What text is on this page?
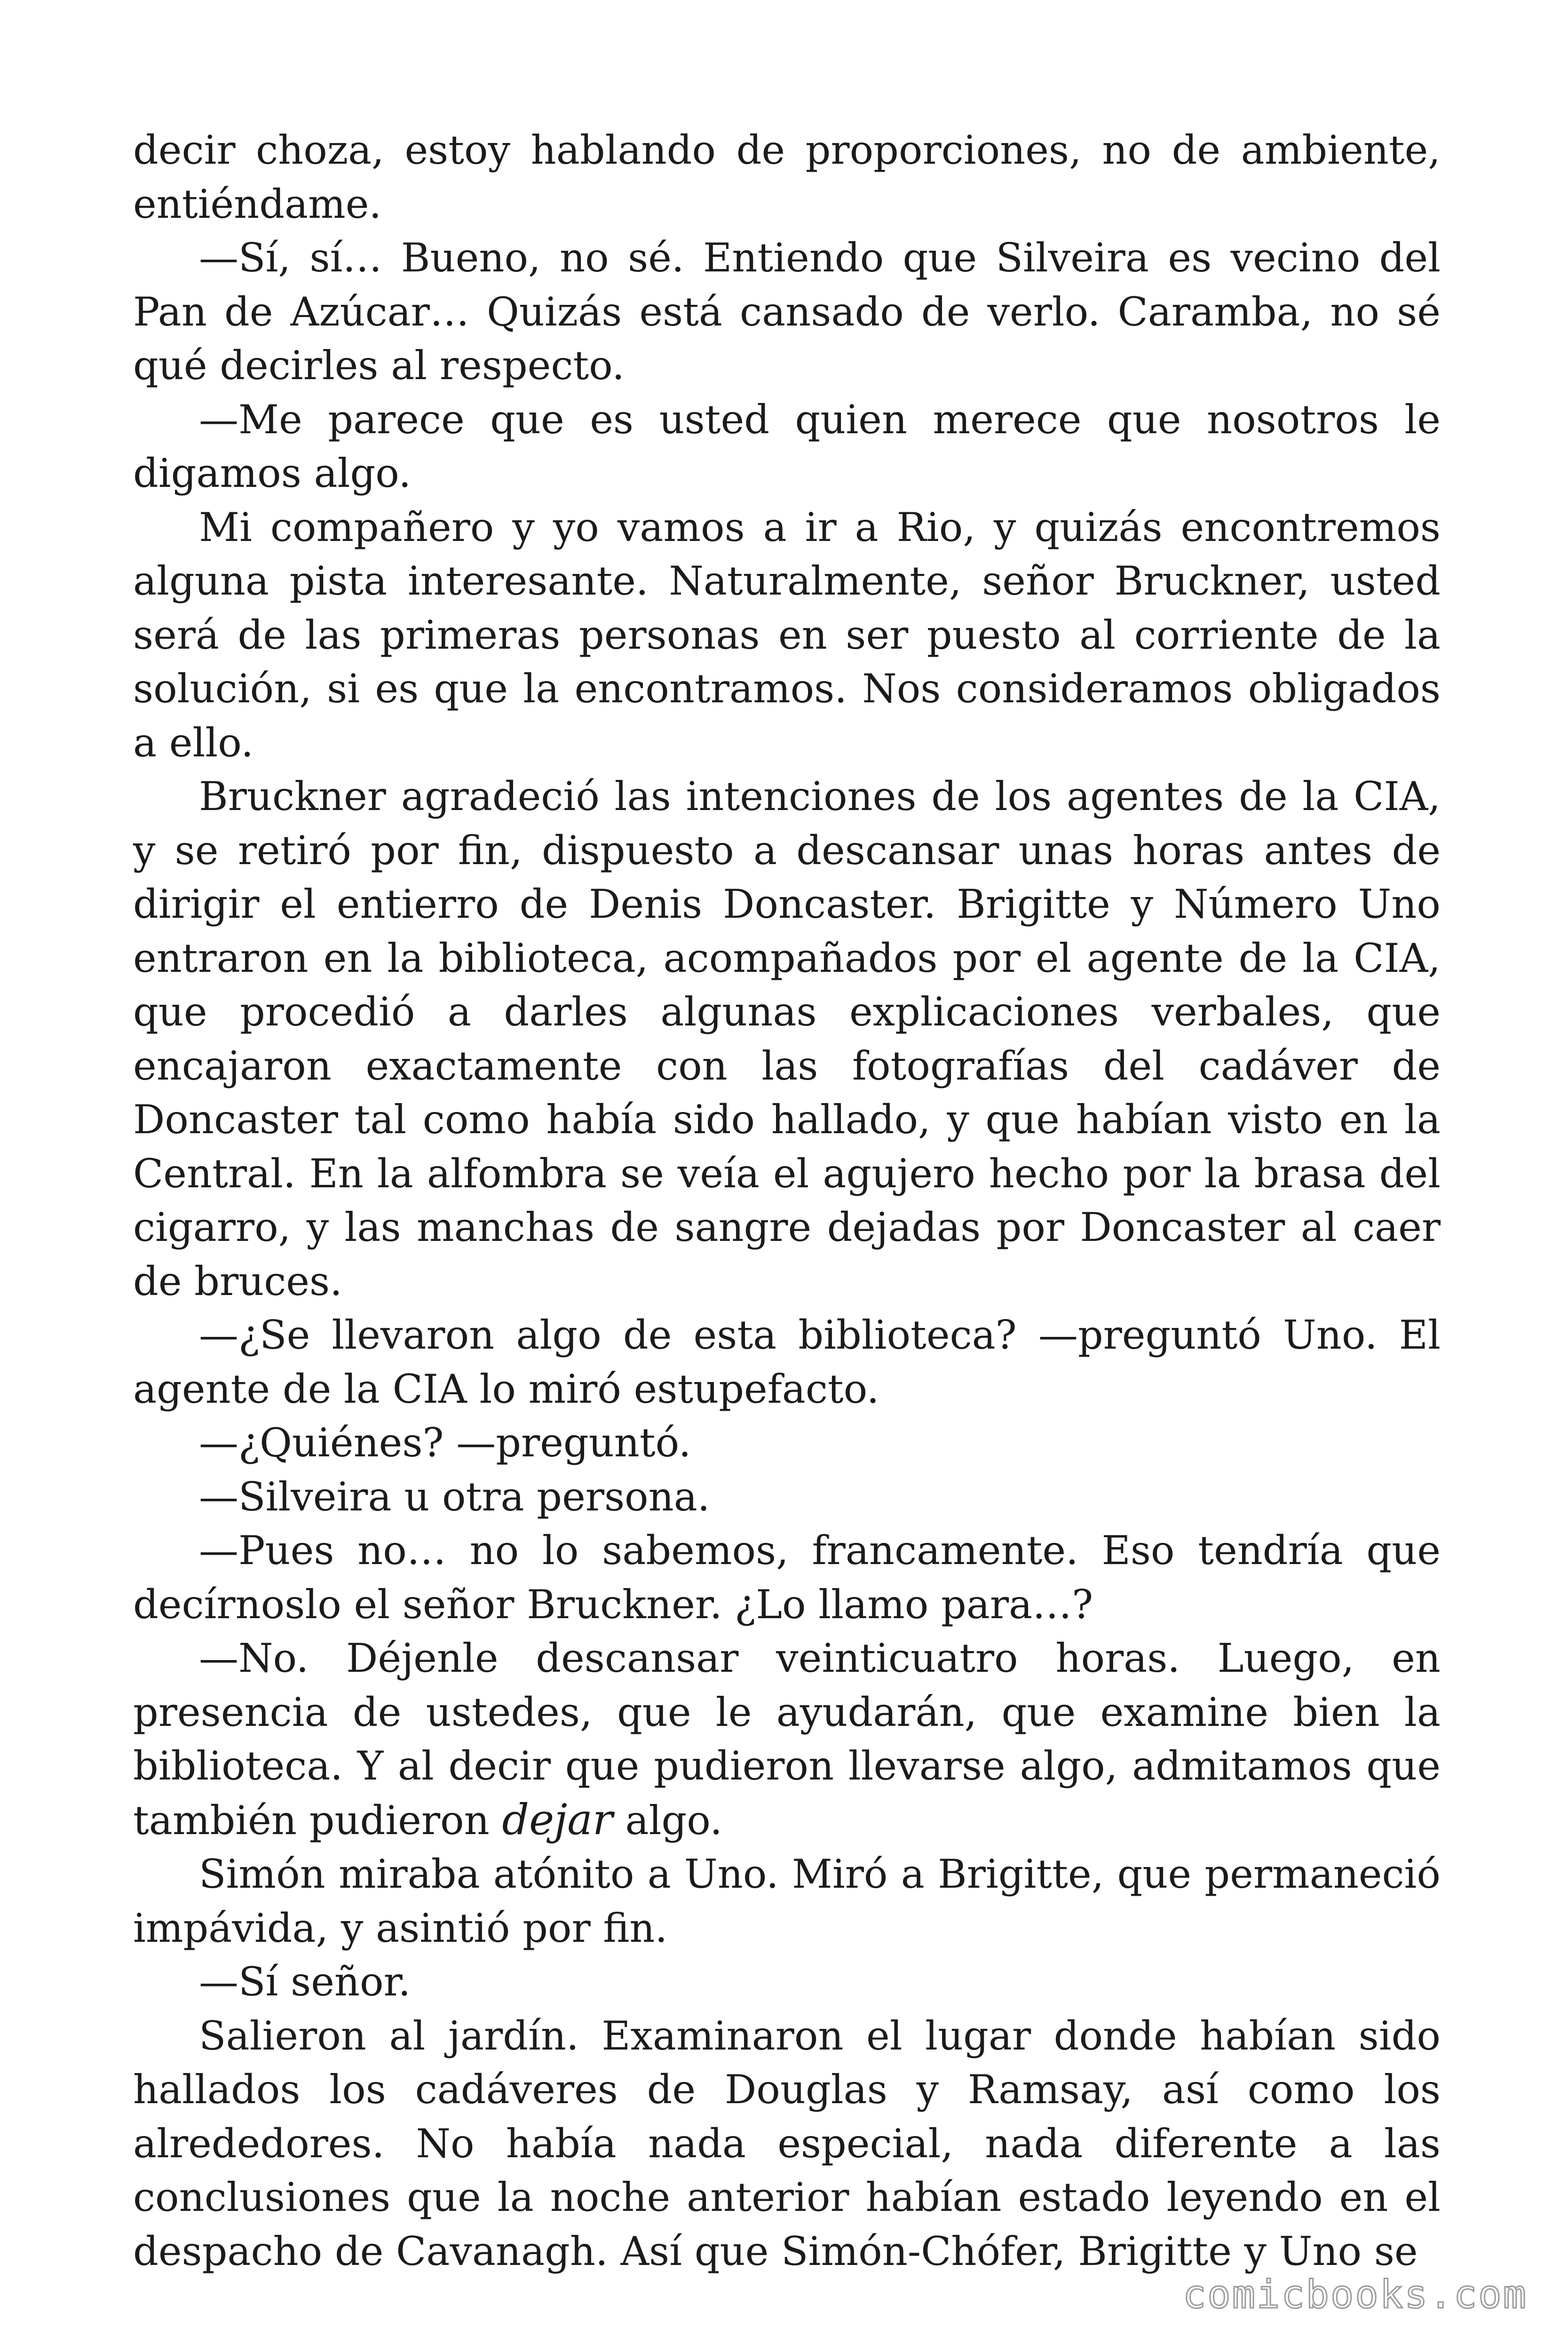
decir choza, estoy hablando de proporciones, no de ambiente, entiéndame.

—Sí, sí… Bueno, no sé. Entiendo que Silveira es vecino del Pan de Azúcar… Quizás está cansado de verlo. Caramba, no sé qué decirles al respecto.

—Me parece que es usted quien merece que nosotros le digamos algo.

Mi compañero y yo vamos a ir a Rio, y quizás encontremos alguna pista interesante. Naturalmente, señor Bruckner, usted será de las primeras personas en ser puesto al corriente de la solución, si es que la encontramos. Nos consideramos obligados a ello.

Bruckner agradeció las intenciones de los agentes de la CIA, y se retiró por fin, dispuesto a descansar unas horas antes de dirigir el entierro de Denis Doncaster. Brigitte y Número Uno entraron en la biblioteca, acompañados por el agente de la CIA, que procedió a darles algunas explicaciones verbales, que encajaron exactamente con las fotografías del cadáver de Doncaster tal como había sido hallado, y que habían visto en la Central. En la alfombra se veía el agujero hecho por la brasa del cigarro, y las manchas de sangre dejadas por Doncaster al caer de bruces.

—¿Se llevaron algo de esta biblioteca? —preguntó Uno. El agente de la CIA lo miró estupefacto.

—¿Quiénes? —preguntó.

—Silveira u otra persona.

—Pues no… no lo sabemos, francamente. Eso tendría que decírnoslo el señor Bruckner. ¿Lo llamo para…?

—No. Déjenle descansar veinticuatro horas. Luego, en presencia de ustedes, que le ayudarán, que examine bien la biblioteca. Y al decir que pudieron llevarse algo, admitamos que también pudieron dejar algo.

Simón miraba atónito a Uno. Miró a Brigitte, que permaneció impávida, y asintió por fin.

—Sí señor.

Salieron al jardín. Examinaron el lugar donde habían sido hallados los cadáveres de Douglas y Ramsay, así como los alrededores. No había nada especial, nada diferente a las conclusiones que la noche anterior habían estado leyendo en el despacho de Cavanagh. Así que Simón-Chófer, Brigitte y Uno se

comicbooks.com
